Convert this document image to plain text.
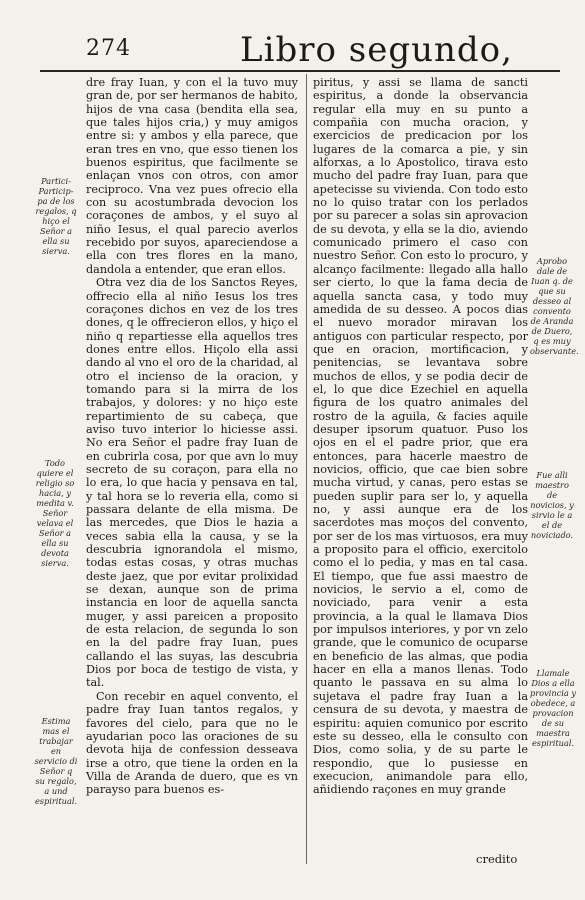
274	Libro segundo,
Partici-Particip pa de los regalos, q hiço el Señor a ella su sierva.
Todo quiere el religio so hacia, y medita v. Señor velava el Señor a ella su devota sierva.
Estima mas el trabajar en servicio di Señor q su regalo, a und espiritual.

dre fray Iuan, y con el la tuvo muy gran de, por ser hermanos de habito, hijos de vna casa (bendita ella sea, que tales hijos cria,) y muy amigos entre si: y ambos y ella parece, que eran tres en vno, que esso tienen los buenos espiritus, que facilmente se enlaçan vnos con otros, con amor reciproco. Vna vez pues ofrecio ella con su acostumbrada devocion los coraçones de ambos, y el suyo al niño Iesus, el qual parecio averlos recebido por suyos, apareciendose a ella con tres flores en la mano, dandola a entender, que eran ellos.

Otra vez dia de los Sanctos Reyes, offrecio ella al niño Iesus los tres coraçones dichos en vez de los tres dones, q le offrecieron ellos, y hiço el niño q repartiesse ella aquellos tres dones entre ellos. Hiçolo ella assi dando al vno el oro de la charidad, al otro el incienso de la oracion, y tomando para si la mirra de los trabajos, y dolores: y no hiço este repartimiento de su cabeça, que aviso tuvo interior lo hiciesse assi. No era Señor el padre fray Iuan de en cubrirla cosa, por que avn lo muy secreto de su coraçon, para ella no lo era, lo que hacia y pensava en tal, y tal hora se lo reveria ella, como si passara delante de ella misma. De las mercedes, que Dios le hazia a veces sabia ella la causa, y se la descubria ignorandola el mismo, todas estas cosas, y otras muchas deste jaez, que por evitar prolixidad se dexan, aunque son de prima instancia en loor de aquella sancta muger, y assi pareicen a proposito de esta relacion, de segunda lo son en la del padre fray Iuan, pues callando el las suyas, las descubria Dios por boca de testigo de vista, y tal.

Con recebir en aquel convento, el padre fray Iuan tantos regalos, y favores del cielo, para que no le ayudarian poco las oraciones de su devota hija de confession desseava irse a otro, que tiene la orden en la Villa de Aranda de duero, que es vn parayso para buenos es-

piritus, y assi se llama de sancti espiritus, a donde la observancia regular ella muy en su punto a compañia con mucha oracion, y exercicios de predicacion por los lugares de la comarca a pie, y sin alforxas, a lo Apostolico, tirava esto mucho del padre fray Iuan, para que apetecisse su vivienda. Con todo esto no lo quiso tratar con los perlados por su parecer a solas sin aprovacion de su devota, y ella se la dio, aviendo comunicado primero el caso con nuestro Señor. Con esto lo procuro, y alcanço facilmente: llegado alla hallo ser cierto, lo que la fama decia de aquella sancta casa, y todo muy amedida de su desseo. A pocos dias el nuevo morador miravan los antiguos con particular respecto, por que en oracion, mortificacion, y penitencias, se levantava sobre muchos de ellos, y se podia decir de el, lo que dice Ezechiel en aquella figura de los quatro animales del rostro de la aguila, & facies aquile desuper ipsorum quatuor. Puso los ojos en el el padre prior, que era entonces, para hacerle maestro de novicios, officio, que cae bien sobre mucha virtud, y canas, pero estas se pueden suplir para ser lo, y aquella no, y assi aunque era de los sacerdotes mas moços del convento, por ser de los mas virtuosos, era muy a proposito para el officio, exercitolo como el lo pedia, y mas en tal casa. El tiempo, que fue assi maestro de novicios, le servio a el, como de noviciado, para venir a esta provincia, a la qual le llamava Dios por impulsos interiores, y por vn zelo grande, que le comunico de ocuparse en beneficio de las almas, que podia hacer en ella a manos llenas. Todo quanto le passava en su alma lo sujetava el padre fray Iuan a la censura de su devota, y maestra de espiritu: aquien comunico por escrito este su desseo, ella le consulto con Dios, como solia, y de su parte le respondio, que lo pusiesse en execucion, animandole para ello, añidiendo raçones en muy grande

Aprobo dale de Iuan q. de que su desseo al convento de Aranda de Duero, q es muy observante.
Fue alli maestro de novicios, y sirvio le a el de noviciado.
Llamale Dios a ella provincia y obedece, a provacion de su maestra espiritual.
credito
